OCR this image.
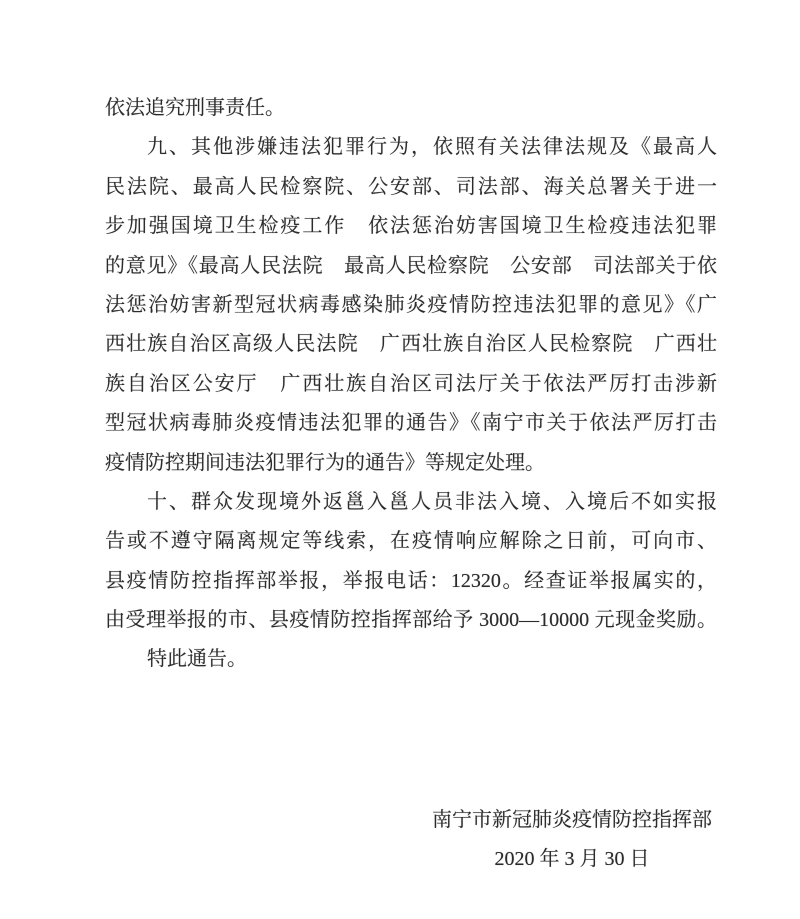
依法追究刑事责任。
九、其他涉嫌违法犯罪行为，依照有关法律法规及《最高人
民法院、最高人民检察院、公安部、司法部、海关总署关于进一
步加强国境卫生检疫工作　依法惩治妨害国境卫生检疫违法犯罪
的意见》《最高人民法院　最高人民检察院　公安部　司法部关于依
法惩治妨害新型冠状病毒感染肺炎疫情防控违法犯罪的意见》《广
西壮族自治区高级人民法院　广西壮族自治区人民检察院　广西壮
族自治区公安厅　广西壮族自治区司法厅关于依法严厉打击涉新
型冠状病毒肺炎疫情违法犯罪的通告》《南宁市关于依法严厉打击
疫情防控期间违法犯罪行为的通告》等规定处理。
十、群众发现境外返邕入邕人员非法入境、入境后不如实报
告或不遵守隔离规定等线索，在疫情响应解除之日前，可向市、
县疫情防控指挥部举报，举报电话：12320。经查证举报属实的，
由受理举报的市、县疫情防控指挥部给予 3000—10000 元现金奖励。
特此通告。
南宁市新冠肺炎疫情防控指挥部
2020 年 3 月 30 日
